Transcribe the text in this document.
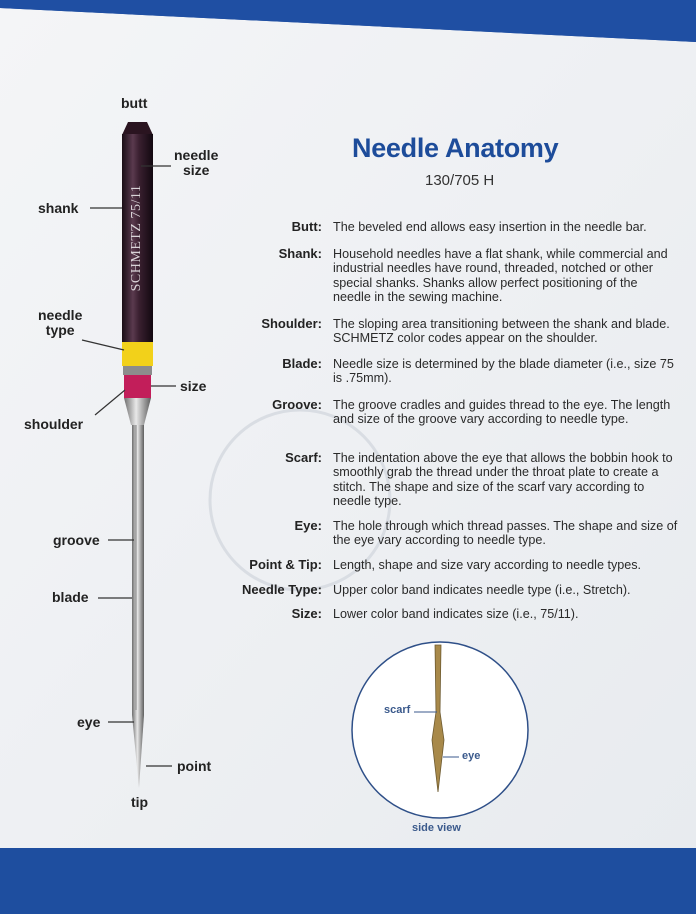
SCHMETZ 75/11
butt
needle
size
shank
needle
type
size
shoulder
groove
blade
eye
point
tip
Needle Anatomy
130/705 H
Butt: The beveled end allows easy insertion in the needle bar.
Shank: Household needles have a flat shank, while commercial and industrial needles have round, threaded, notched or other special shanks. Shanks allow perfect positioning of the needle in the sewing machine.
Shoulder: The sloping area transitioning between the shank and blade. SCHMETZ color codes appear on the shoulder.
Blade: Needle size is determined by the blade diameter (i.e., size 75 is .75mm).
Groove: The groove cradles and guides thread to the eye. The length and size of the groove vary according to needle type.
Scarf: The indentation above the eye that allows the bobbin hook to smoothly grab the thread under the throat plate to create a stitch. The shape and size of the scarf vary according to needle type.
Eye: The hole through which thread passes. The shape and size of the eye vary according to needle type.
Point & Tip: Length, shape and size vary according to needle types.
Needle Type: Upper color band indicates needle type (i.e., Stretch).
Size: Lower color band indicates size (i.e., 75/11).
scarf
eye
side view
